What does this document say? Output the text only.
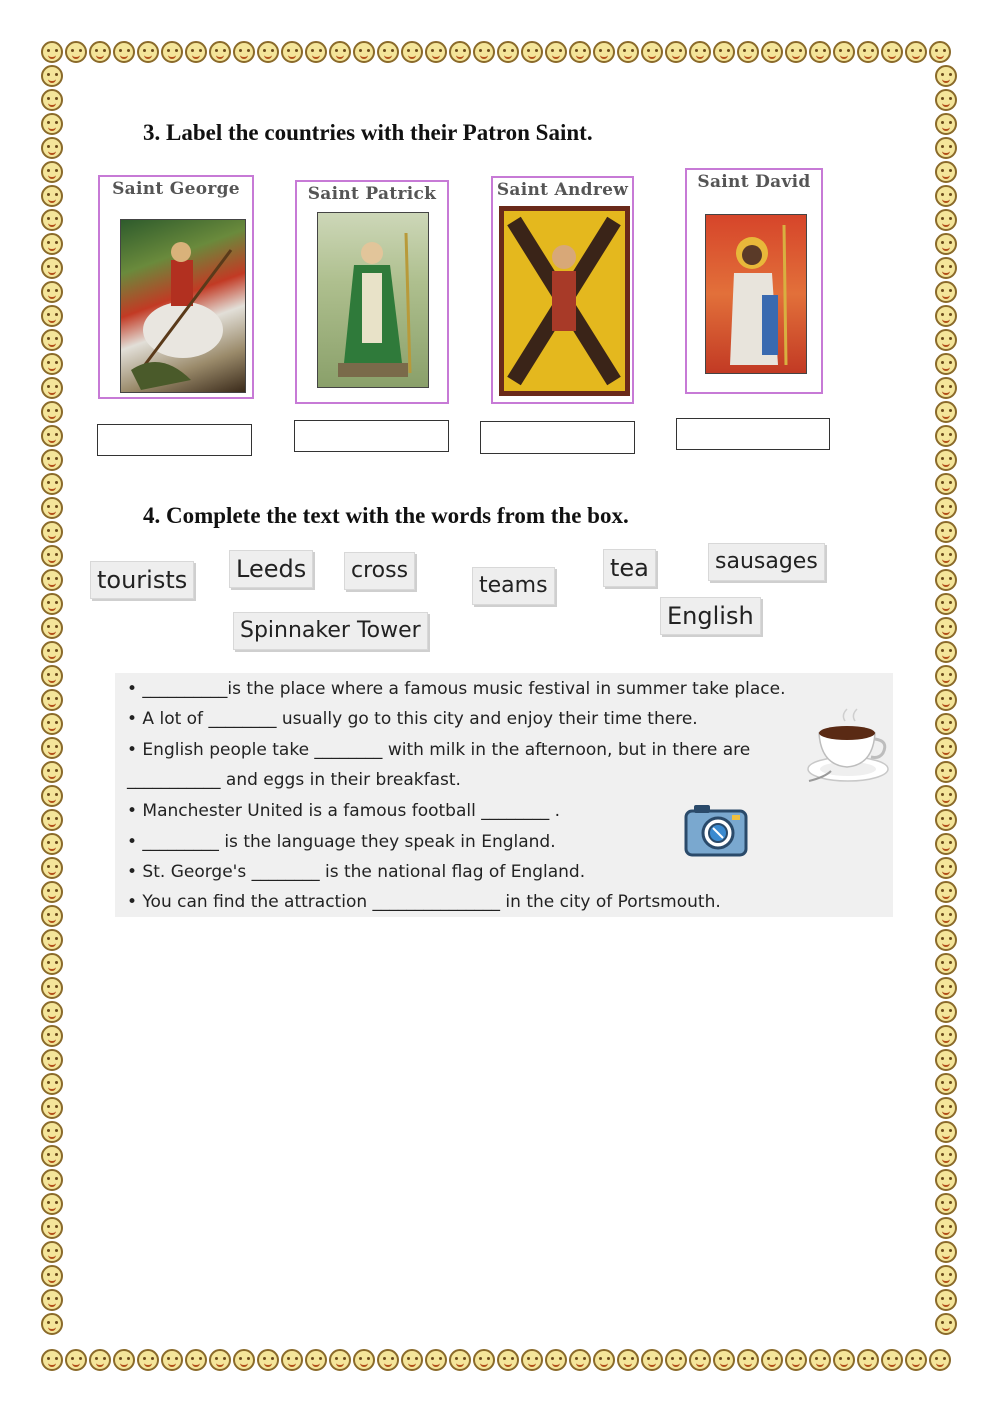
3. Label the countries with their Patron Saint.
Saint George	Saint Patrick	Saint Andrew	Saint David
4. Complete the text with the words from the box.
tourists Leeds	cross
teams
tea	sausages
Spinnaker Tower
English
• __________is the place where a famous music festival in summer take place.
• A lot of ________ usually go to this city and enjoy their time there.
• English people take ________ with milk in the afternoon, but in there are
___________ and eggs in their breakfast.
• Manchester United is a famous football ________ .
• _________ is the language they speak in England.
• St. George's ________ is the national flag of England.
• You can find the attraction _______________ in the city of Portsmouth.
